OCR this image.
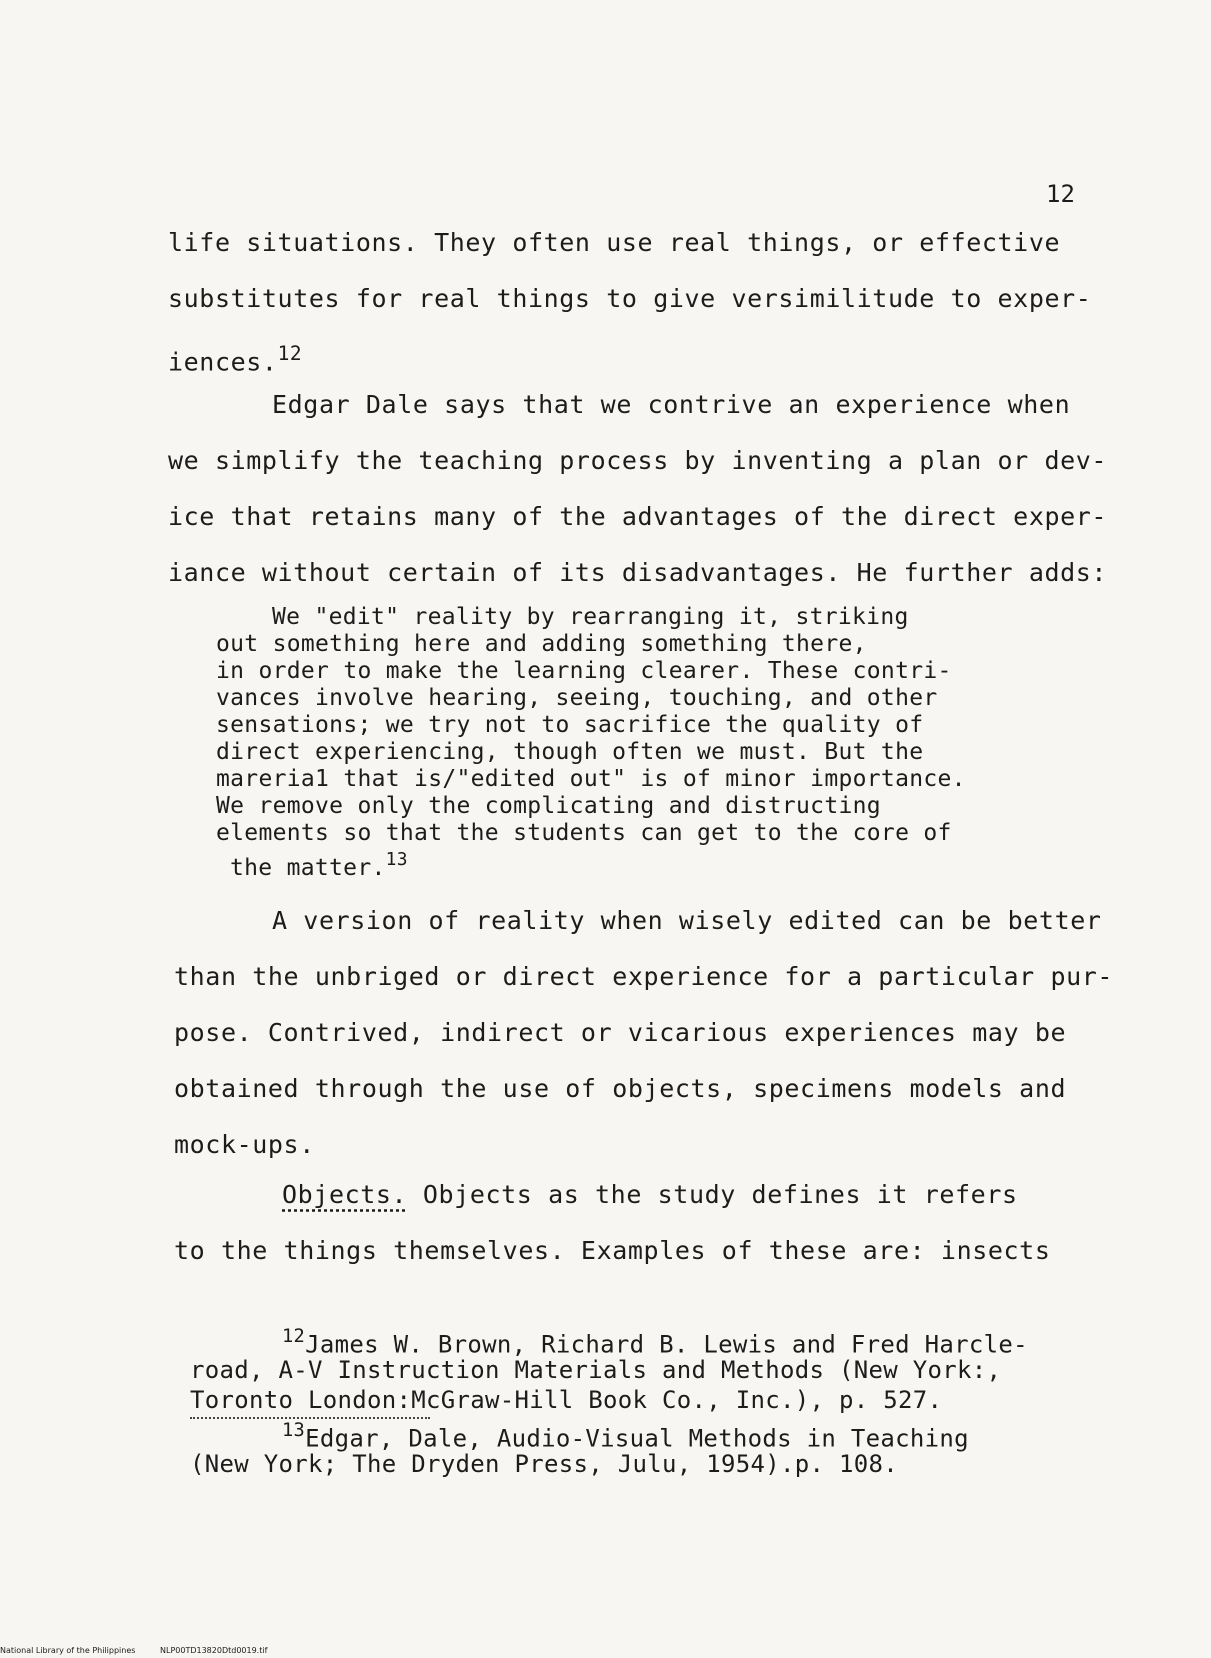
12
life situations. They often use real things, or effective
substitutes for real things to give versimilitude to exper-
iences.$^{12}$
Edgar Dale says that we contrive an experience when
we simplify the teaching process by inventing a plan or dev-
ice that retains many of the advantages of the direct exper-
iance without certain of its disadvantages. He further adds:
We "edit" reality by rearranging it, striking
out something here and adding something there,
in order to make the learning clearer. These contri-
vances involve hearing, seeing, touching, and other
sensations; we try not to sacrifice the quality of
direct experiencing, though often we must. But the
mareria1 that is/"edited out" is of minor importance.
We remove only the complicating and distructing
elements so that the students can get to the core of
the matter.$^{13}$
A version of reality when wisely edited can be better
than the unbriged or direct experience for a particular pur-
pose. Contrived, indirect or vicarious experiences may be
obtained through the use of objects, specimens models and
mock-ups.
Objects. Objects as the study defines it refers
to the things themselves. Examples of these are: insects
$^{12}$James W. Brown, Richard B. Lewis and Fred Harcle-
road, A-V Instruction Materials and Methods (New York:,
Toronto London:McGraw-Hill Book Co., Inc.), p. 527.
$^{13}$Edgar, Dale, Audio-Visual Methods in Teaching
(New York; The Dryden Press, Julu, 1954).p. 108.
National Library of the Philippines	NLP00TD13820Dtd0019.tif
